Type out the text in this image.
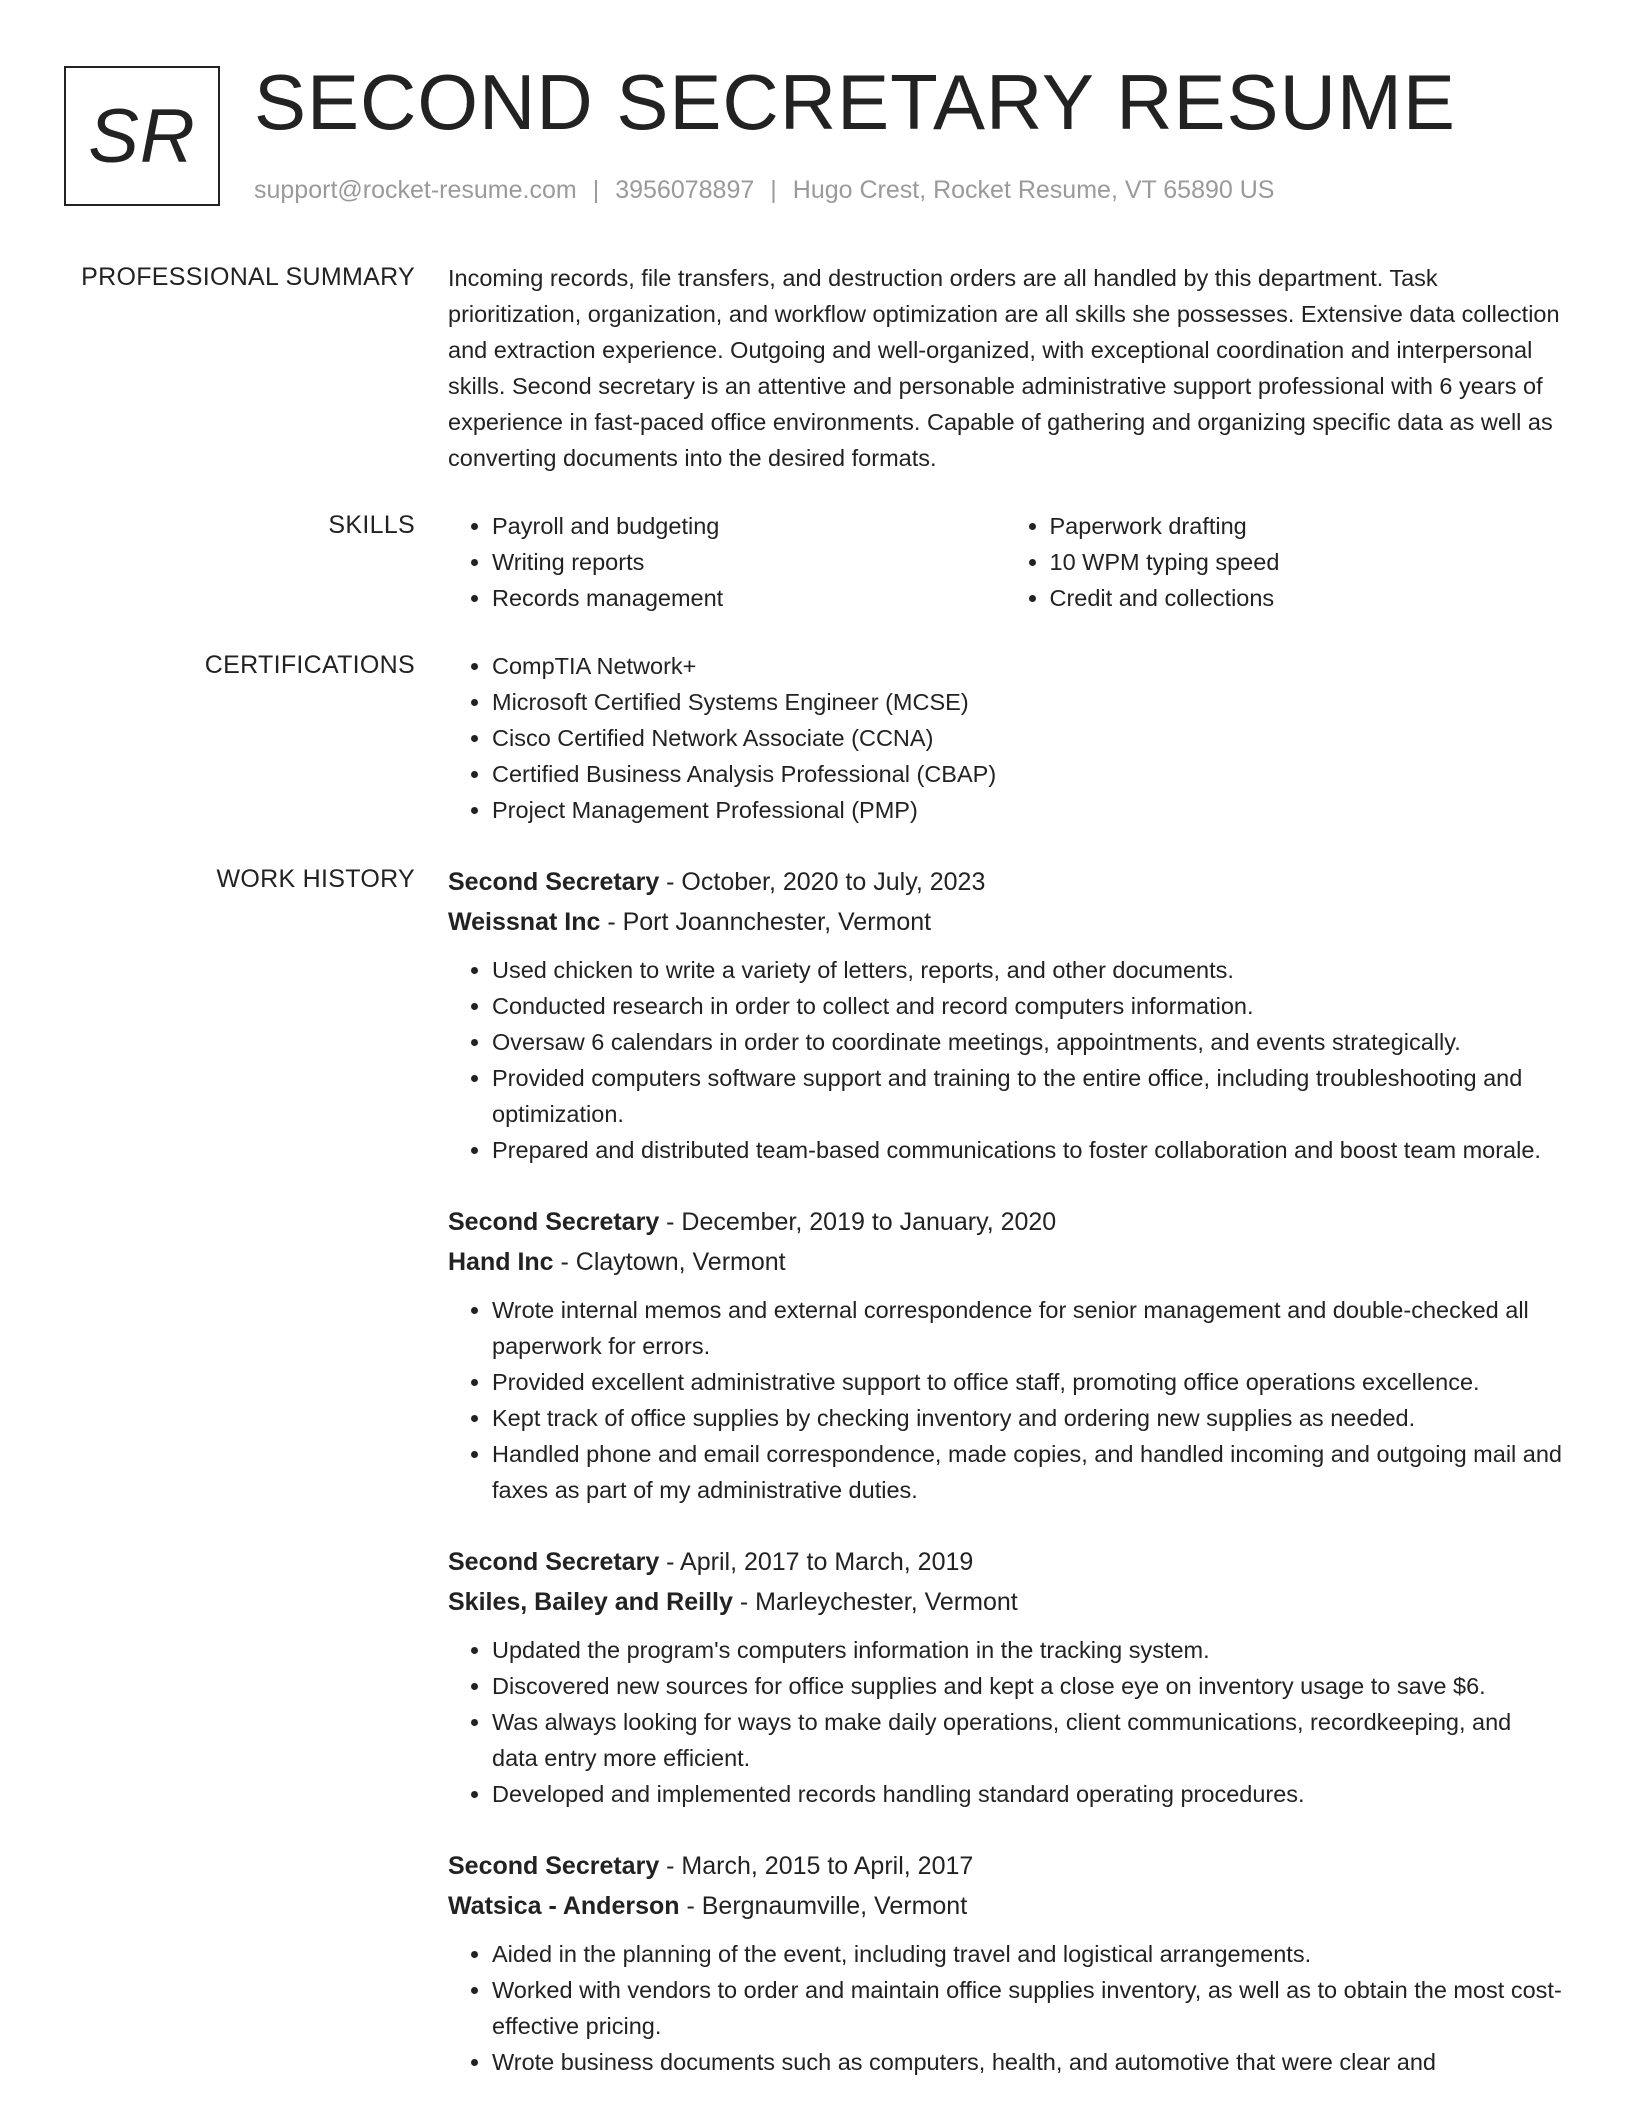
SR SECOND SECRETARY RESUME
support@rocket-resume.com | 3956078897 | Hugo Crest, Rocket Resume, VT 65890 US
PROFESSIONAL SUMMARY Incoming records, file transfers, and destruction orders are all handled by this department. Task prioritization, organization, and workflow optimization are all skills she possesses. Extensive data collection and extraction experience. Outgoing and well-organized, with exceptional coordination and interpersonal skills. Second secretary is an attentive and personable administrative support professional with 6 years of experience in fast-paced office environments. Capable of gathering and organizing specific data as well as converting documents into the desired formats.

SKILLS	• Payroll and budgeting
• Writing reports
• Records management
• Paperwork drafting
• 10 WPM typing speed
• Credit and collections
CERTIFICATIONS	• CompTIA Network+
• Microsoft Certified Systems Engineer (MCSE)
• Cisco Certified Network Associate (CCNA)
• Certified Business Analysis Professional (CBAP)
• Project Management Professional (PMP)
WORK HISTORY Second Secretary - October, 2020 to July, 2023
Weissnat Inc - Port Joannchester, Vermont
• Used chicken to write a variety of letters, reports, and other documents.
• Conducted research in order to collect and record computers information.
• Oversaw 6 calendars in order to coordinate meetings, appointments, and events strategically.
• Provided computers software support and training to the entire office, including troubleshooting and optimization.
• Prepared and distributed team-based communications to foster collaboration and boost team morale.
Second Secretary - December, 2019 to January, 2020
Hand Inc - Claytown, Vermont
• Wrote internal memos and external correspondence for senior management and double-checked all paperwork for errors.
• Provided excellent administrative support to office staff, promoting office operations excellence.
• Kept track of office supplies by checking inventory and ordering new supplies as needed.
• Handled phone and email correspondence, made copies, and handled incoming and outgoing mail and faxes as part of my administrative duties.
Second Secretary - April, 2017 to March, 2019
Skiles, Bailey and Reilly - Marleychester, Vermont
• Updated the program's computers information in the tracking system.
• Discovered new sources for office supplies and kept a close eye on inventory usage to save $6.
• Was always looking for ways to make daily operations, client communications, recordkeeping, and data entry more efficient.
• Developed and implemented records handling standard operating procedures.
Second Secretary - March, 2015 to April, 2017
Watsica - Anderson - Bergnaumville, Vermont
• Aided in the planning of the event, including travel and logistical arrangements.
• Worked with vendors to order and maintain office supplies inventory, as well as to obtain the most cost-effective pricing.
• Wrote business documents such as computers, health, and automotive that were clear and
